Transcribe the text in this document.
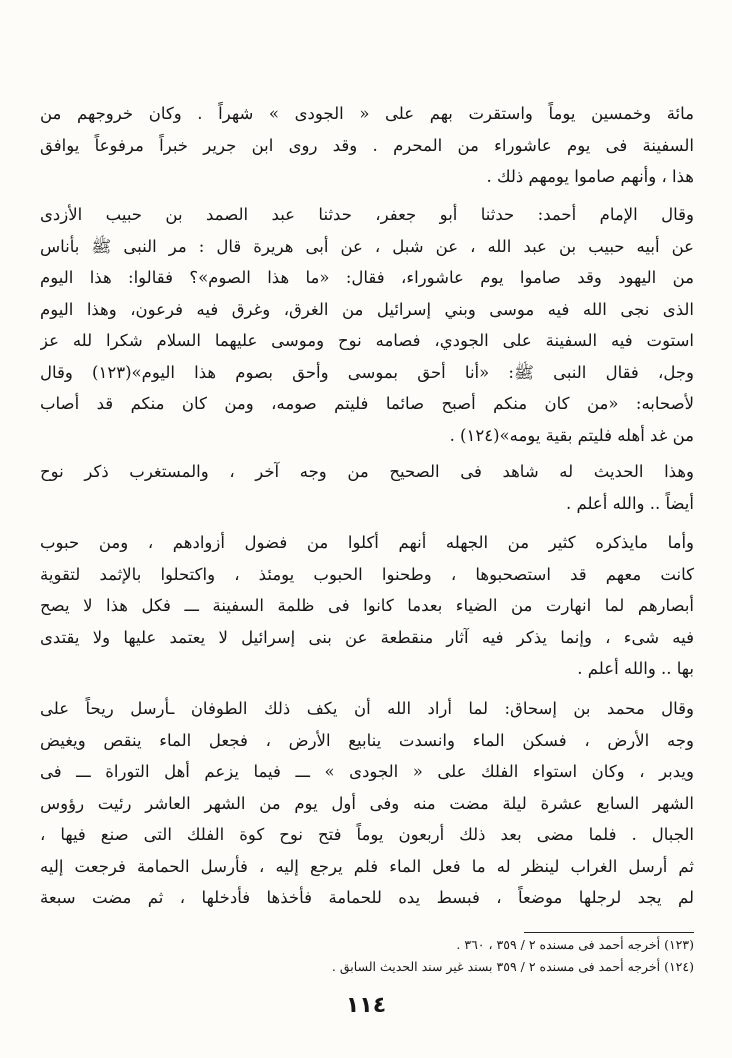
مائة وخمسين يوماً واستقرت بهم على « الجودى » شهراً . وكان خروجهم من
السفينة فى يوم عاشوراء من المحرم . وقد روى ابن جرير خبراً مرفوعاً يوافق
هذا ، وأنهم صاموا يومهم ذلك .
وقال الإمام أحمد: حدثنا أبو جعفر، حدثنا عبد الصمد بن حبيب الأزدى
عن أبيه حبيب بن عبد الله ، عن شبل ، عن أبى هريرة قال : مر النبى ﷺ بأناس
من اليهود وقد صاموا يوم عاشوراء، فقال: «ما هذا الصوم»؟ فقالوا: هذا اليوم
الذى نجى الله فيه موسى وبني إسرائيل من الغرق، وغرق فيه فرعون، وهذا اليوم
استوت فيه السفينة على الجودي، فصامه نوح وموسى عليهما السلام شكرا لله عز
وجل، فقال النبى ﷺ: «أنا أحق بموسى وأحق بصوم هذا اليوم»(١٢٣) وقال
لأصحابه: «من كان منكم أصبح صائما فليتم صومه، ومن كان منكم قد أصاب
من غد أهله فليتم بقية يومه»(١٢٤) .
وهذا الحديث له شاهد فى الصحيح من وجه آخر ، والمستغرب ذكر نوح
أيضاً .. والله أعلم .
وأما مايذكره كثير من الجهله أنهم أكلوا من فضول أزوادهم ، ومن حبوب
كانت معهم قد استصحبوها ، وطحنوا الحبوب يومئذ ، واكتحلوا بالإثمد لتقوية
أبصارهم لما انهارت من الضياء بعدما كانوا فى ظلمة السفينة ـــ فكل هذا لا يصح
فيه شىء ، وإنما يذكر فيه آثار منقطعة عن بنى إسرائيل لا يعتمد عليها ولا يقتدى
بها .. والله أعلم .
وقال محمد بن إسحاق: لما أراد الله أن يكف ذلك الطوفان ـأرسل ريحاً على
وجه الأرض ، فسكن الماء وانسدت ينابيع الأرض ، فجعل الماء ينقص ويغيض
ويدبر ، وكان استواء الفلك على « الجودى » ـــ فيما يزعم أهل التوراة ـــ فى
الشهر السابع عشرة ليلة مضت منه وفى أول يوم من الشهر العاشر رئيت رؤوس
الجبال . فلما مضى بعد ذلك أربعون يوماً فتح نوح كوة الفلك التى صنع فيها ،
ثم أرسل الغراب لينظر له ما فعل الماء فلم يرجع إليه ، فأرسل الحمامة فرجعت إليه
لم يجد لرجلها موضعاً ، فبسط يده للحمامة فأخذها فأدخلها ، ثم مضت سبعة
(١٢٣) أخرجه أحمد فى مسنده ٢ / ٣٥٩ ، ٣٦٠ .
(١٢٤) أخرجه أحمد فى مسنده ٢ / ٣٥٩ بسند غير سند الحديث السابق .
١١٤
